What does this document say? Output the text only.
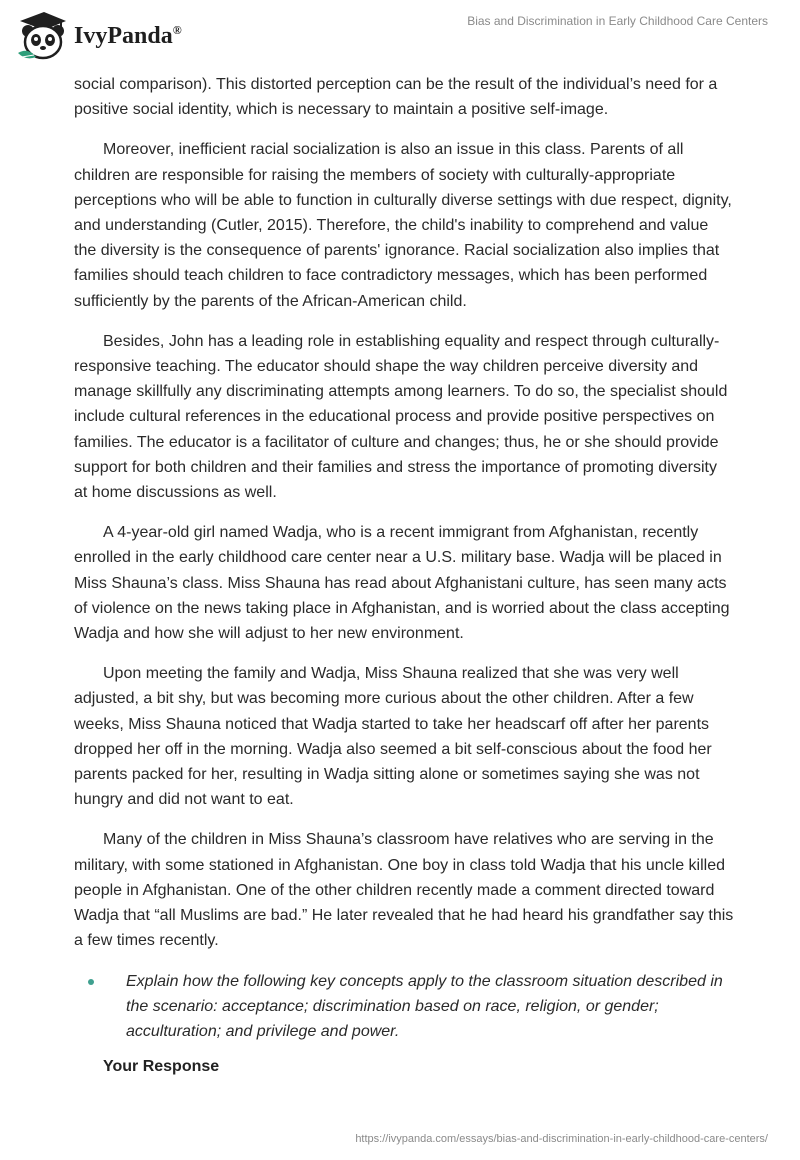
IvyPanda®
Bias and Discrimination in Early Childhood Care Centers

social comparison). This distorted perception can be the result of the individual’s need for a positive social identity, which is necessary to maintain a positive self-image.

Moreover, inefficient racial socialization is also an issue in this class. Parents of all children are responsible for raising the members of society with culturally-appropriate perceptions who will be able to function in culturally diverse settings with due respect, dignity, and understanding (Cutler, 2015). Therefore, the child's inability to comprehend and value the diversity is the consequence of parents' ignorance. Racial socialization also implies that families should teach children to face contradictory messages, which has been performed sufficiently by the parents of the African-American child.

Besides, John has a leading role in establishing equality and respect through culturally-responsive teaching. The educator should shape the way children perceive diversity and manage skillfully any discriminating attempts among learners. To do so, the specialist should include cultural references in the educational process and provide positive perspectives on families. The educator is a facilitator of culture and changes; thus, he or she should provide support for both children and their families and stress the importance of promoting diversity at home discussions as well.

A 4-year-old girl named Wadja, who is a recent immigrant from Afghanistan, recently enrolled in the early childhood care center near a U.S. military base. Wadja will be placed in Miss Shauna’s class. Miss Shauna has read about Afghanistani culture, has seen many acts of violence on the news taking place in Afghanistan, and is worried about the class accepting Wadja and how she will adjust to her new environment.

Upon meeting the family and Wadja, Miss Shauna realized that she was very well adjusted, a bit shy, but was becoming more curious about the other children. After a few weeks, Miss Shauna noticed that Wadja started to take her headscarf off after her parents dropped her off in the morning. Wadja also seemed a bit self-conscious about the food her parents packed for her, resulting in Wadja sitting alone or sometimes saying she was not hungry and did not want to eat.

Many of the children in Miss Shauna’s classroom have relatives who are serving in the military, with some stationed in Afghanistan. One boy in class told Wadja that his uncle killed people in Afghanistan. One of the other children recently made a comment directed toward Wadja that “all Muslims are bad.” He later revealed that he had heard his grandfather say this a few times recently.

Explain how the following key concepts apply to the classroom situation described in the scenario: acceptance; discrimination based on race, religion, or gender; acculturation; and privilege and power.

Your Response
https://ivypanda.com/essays/bias-and-discrimination-in-early-childhood-care-centers/
